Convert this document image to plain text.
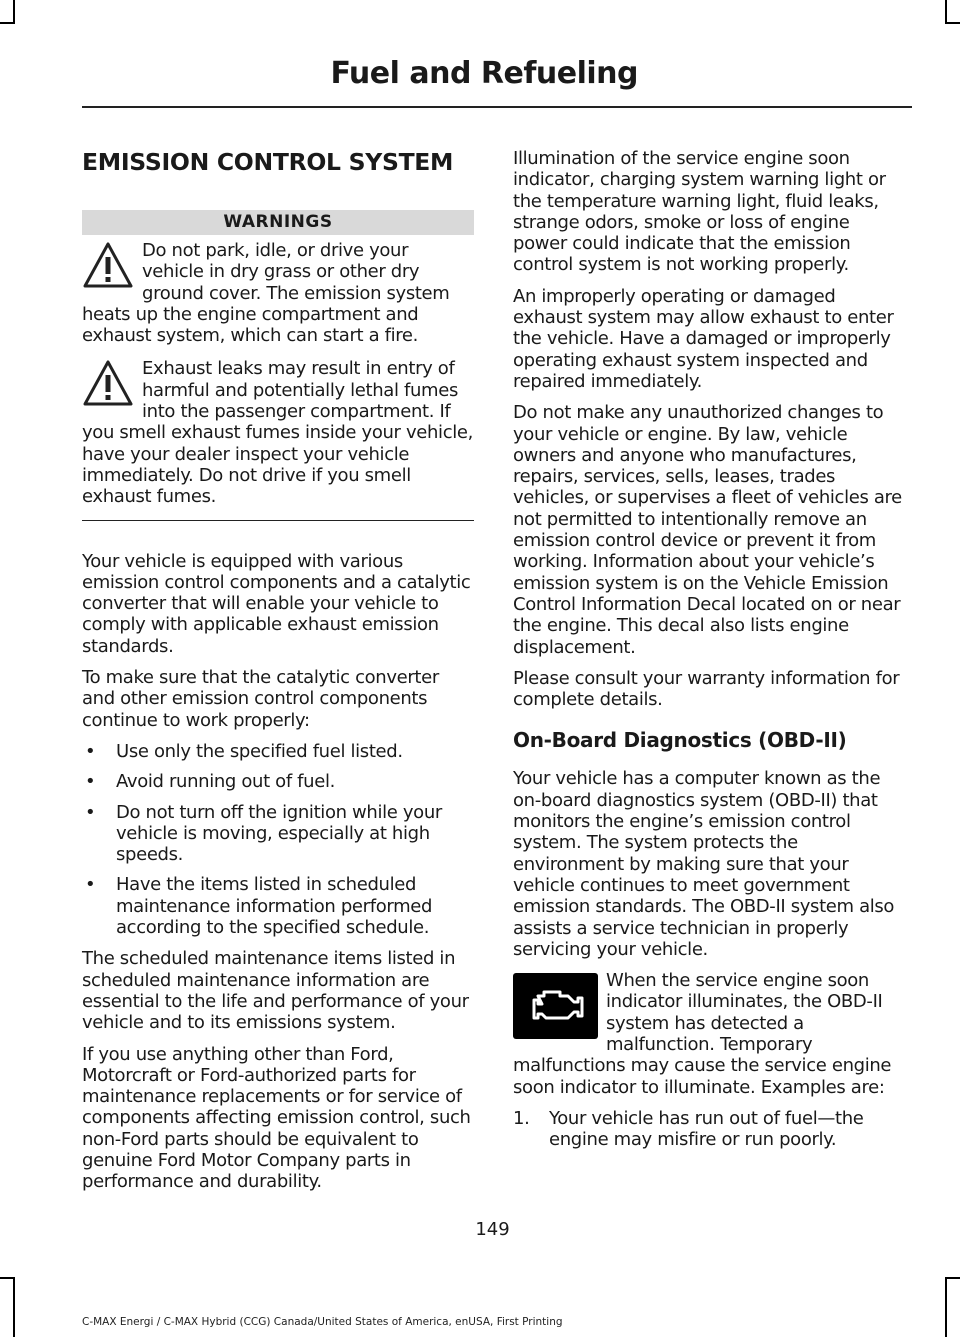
Fuel and Refueling
EMISSION CONTROL SYSTEM
WARNINGS
Do not park, idle, or drive your vehicle in dry grass or other dry ground cover. The emission system heats up the engine compartment and exhaust system, which can start a fire.
Exhaust leaks may result in entry of harmful and potentially lethal fumes into the passenger compartment. If you smell exhaust fumes inside your vehicle, have your dealer inspect your vehicle immediately. Do not drive if you smell exhaust fumes.

Your vehicle is equipped with various emission control components and a catalytic converter that will enable your vehicle to comply with applicable exhaust emission standards.

To make sure that the catalytic converter and other emission control components continue to work properly:

• Use only the specified fuel listed.
• Avoid running out of fuel.
• Do not turn off the ignition while your vehicle is moving, especially at high speeds.
• Have the items listed in scheduled maintenance information performed according to the specified schedule.

The scheduled maintenance items listed in scheduled maintenance information are essential to the life and performance of your vehicle and to its emissions system.

If you use anything other than Ford, Motorcraft or Ford-authorized parts for maintenance replacements or for service of components affecting emission control, such non-Ford parts should be equivalent to genuine Ford Motor Company parts in performance and durability.

Illumination of the service engine soon indicator, charging system warning light or the temperature warning light, fluid leaks, strange odors, smoke or loss of engine power could indicate that the emission control system is not working properly.

An improperly operating or damaged exhaust system may allow exhaust to enter the vehicle. Have a damaged or improperly operating exhaust system inspected and repaired immediately.

Do not make any unauthorized changes to your vehicle or engine. By law, vehicle owners and anyone who manufactures, repairs, services, sells, leases, trades vehicles, or supervises a fleet of vehicles are not permitted to intentionally remove an emission control device or prevent it from working. Information about your vehicle’s emission system is on the Vehicle Emission Control Information Decal located on or near the engine. This decal also lists engine displacement.

Please consult your warranty information for complete details.

On-Board Diagnostics (OBD-II)

Your vehicle has a computer known as the on-board diagnostics system (OBD-II) that monitors the engine’s emission control system. The system protects the environment by making sure that your vehicle continues to meet government emission standards. The OBD-II system also assists a service technician in properly servicing your vehicle.

When the service engine soon indicator illuminates, the OBD-II system has detected a malfunction. Temporary malfunctions may cause the service engine soon indicator to illuminate. Examples are:

1. Your vehicle has run out of fuel—the engine may misfire or run poorly.
149
C-MAX Energi / C-MAX Hybrid (CCG) Canada/United States of America, enUSA, First Printing
